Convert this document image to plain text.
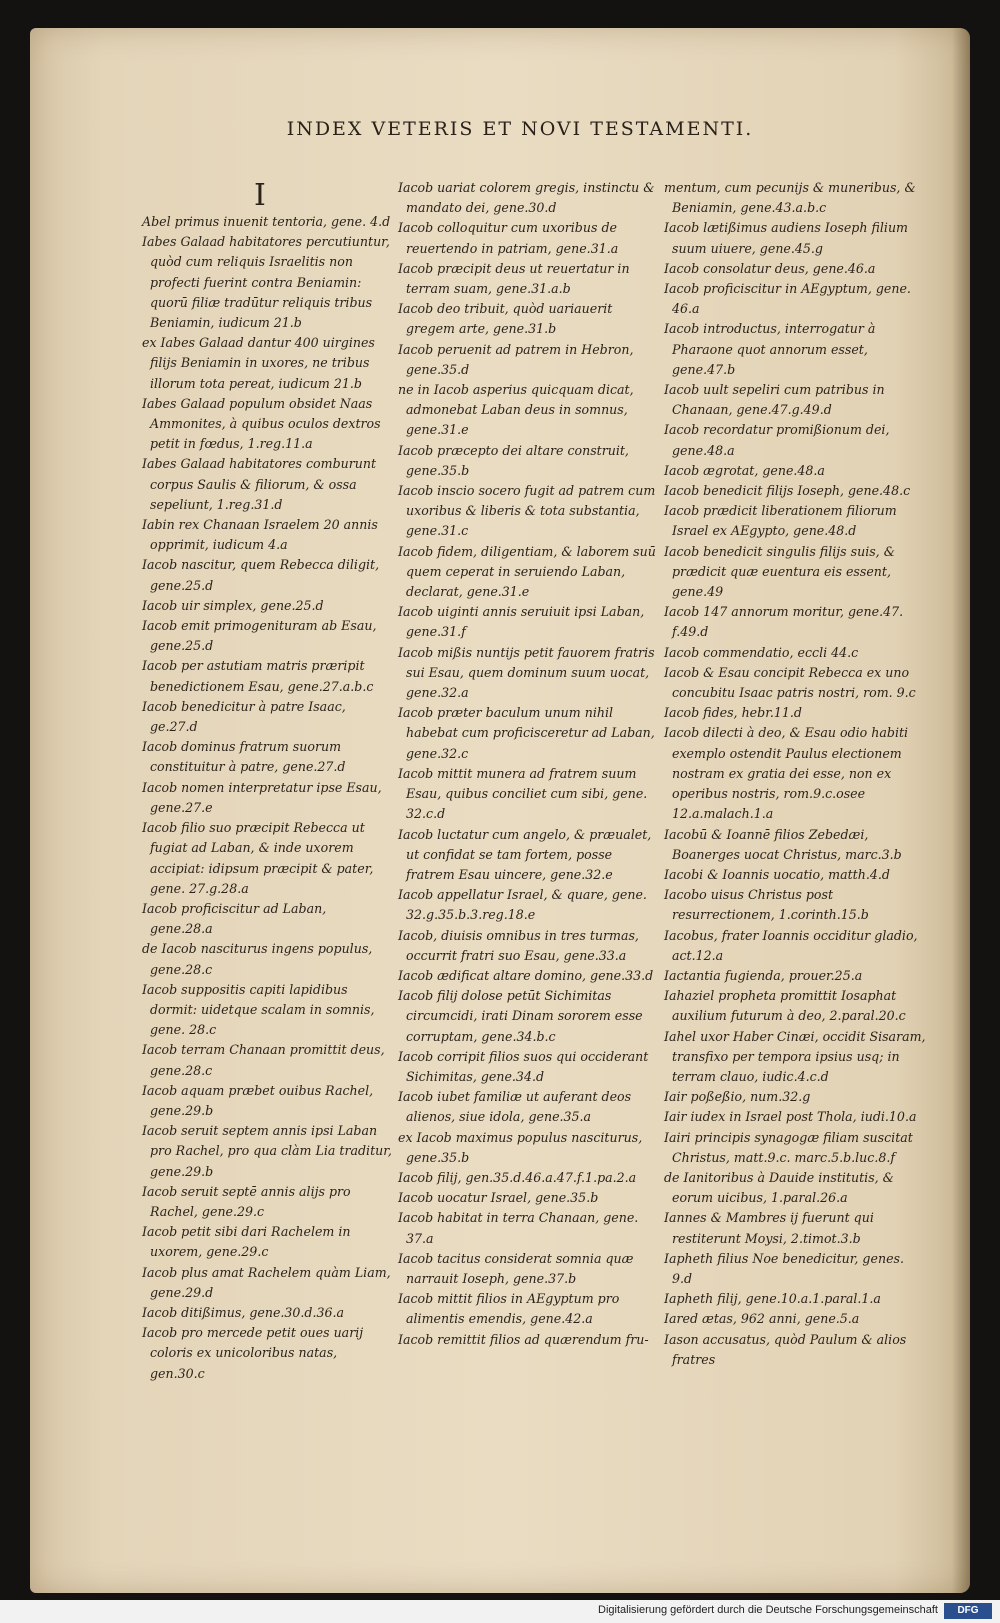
INDEX VETERIS ET NOVI TESTAMENTI.
I

Abel primus inuenit tentoria, gene. 4.d

Iabes Galaad habitatores percutiuntur, quòd cum reliquis Israelitis non profecti fuerint contra Beniamin: quorū filiæ tradūtur reliquis tribus Beniamin, iudicum 21.b

ex Iabes Galaad dantur 400 uirgines filijs Beniamin in uxores, ne tribus illorum tota pereat, iudicum 21.b

Iabes Galaad populum obsidet Naas Ammonites, à quibus oculos dextros petit in fœdus, 1.reg.11.a

Iabes Galaad habitatores comburunt corpus Saulis & filiorum, & ossa sepeliunt, 1.reg.31.d

Iabin rex Chanaan Israelem 20 annis opprimit, iudicum 4.a

Iacob nascitur, quem Rebecca diligit, gene.25.d

Iacob uir simplex, gene.25.d

Iacob emit primogenituram ab Esau, gene.25.d

Iacob per astutiam matris præripit benedictionem Esau, gene.27.a.b.c

Iacob benedicitur à patre Isaac, ge.27.d

Iacob dominus fratrum suorum constituitur à patre, gene.27.d

Iacob nomen interpretatur ipse Esau, gene.27.e

Iacob filio suo præcipit Rebecca ut fugiat ad Laban, & inde uxorem accipiat: idipsum præcipit & pater, gene. 27.g.28.a

Iacob proficiscitur ad Laban, gene.28.a

de Iacob nasciturus ingens populus, gene.28.c

Iacob suppositis capiti lapidibus dormit: uidetque scalam in somnis, gene. 28.c

Iacob terram Chanaan promittit deus, gene.28.c

Iacob aquam præbet ouibus Rachel, gene.29.b

Iacob seruit septem annis ipsi Laban pro Rachel, pro qua clàm Lia traditur, gene.29.b

Iacob seruit septē annis alijs pro Rachel, gene.29.c

Iacob petit sibi dari Rachelem in uxorem, gene.29.c

Iacob plus amat Rachelem quàm Liam, gene.29.d

Iacob ditißimus, gene.30.d.36.a

Iacob pro mercede petit oues uarij coloris ex unicoloribus natas, gen.30.c

Iacob uariat colorem gregis, instinctu & mandato dei, gene.30.d

Iacob colloquitur cum uxoribus de reuertendo in patriam, gene.31.a

Iacob præcipit deus ut reuertatur in terram suam, gene.31.a.b

Iacob deo tribuit, quòd uariauerit gregem arte, gene.31.b

Iacob peruenit ad patrem in Hebron, gene.35.d

ne in Iacob asperius quicquam dicat, admonebat Laban deus in somnus, gene.31.e

Iacob præcepto dei altare construit, gene.35.b

Iacob inscio socero fugit ad patrem cum uxoribus & liberis & tota substantia, gene.31.c

Iacob fidem, diligentiam, & laborem suū quem ceperat in seruiendo Laban, declarat, gene.31.e

Iacob uiginti annis seruiuit ipsi Laban, gene.31.f

Iacob mißis nuntijs petit fauorem fratris sui Esau, quem dominum suum uocat, gene.32.a

Iacob præter baculum unum nihil habebat cum proficisceretur ad Laban, gene.32.c

Iacob mittit munera ad fratrem suum Esau, quibus conciliet cum sibi, gene. 32.c.d

Iacob luctatur cum angelo, & præualet, ut confidat se tam fortem, posse fratrem Esau uincere, gene.32.e

Iacob appellatur Israel, & quare, gene. 32.g.35.b.3.reg.18.e

Iacob, diuisis omnibus in tres turmas, occurrit fratri suo Esau, gene.33.a

Iacob ædificat altare domino, gene.33.d

Iacob filij dolose petūt Sichimitas circumcidi, irati Dinam sororem esse corruptam, gene.34.b.c

Iacob corripit filios suos qui occiderant Sichimitas, gene.34.d

Iacob iubet familiæ ut auferant deos alienos, siue idola, gene.35.a

ex Iacob maximus populus nasciturus, gene.35.b

Iacob filij, gen.35.d.46.a.47.f.1.pa.2.a

Iacob uocatur Israel, gene.35.b

Iacob habitat in terra Chanaan, gene. 37.a

Iacob tacitus considerat somnia quæ narrauit Ioseph, gene.37.b

Iacob mittit filios in AEgyptum pro alimentis emendis, gene.42.a

Iacob remittit filios ad quærendum fru-

mentum, cum pecunijs & muneribus, & Beniamin, gene.43.a.b.c

Iacob lætißimus audiens Ioseph filium suum uiuere, gene.45.g

Iacob consolatur deus, gene.46.a

Iacob proficiscitur in AEgyptum, gene. 46.a

Iacob introductus, interrogatur à Pharaone quot annorum esset, gene.47.b

Iacob uult sepeliri cum patribus in Chanaan, gene.47.g.49.d

Iacob recordatur promißionum dei, gene.48.a

Iacob ægrotat, gene.48.a

Iacob benedicit filijs Ioseph, gene.48.c

Iacob prædicit liberationem filiorum Israel ex AEgypto, gene.48.d

Iacob benedicit singulis filijs suis, & prædicit quæ euentura eis essent, gene.49

Iacob 147 annorum moritur, gene.47. f.49.d

Iacob commendatio, eccli 44.c

Iacob & Esau concipit Rebecca ex uno concubitu Isaac patris nostri, rom. 9.c

Iacob fides, hebr.11.d

Iacob dilecti à deo, & Esau odio habiti exemplo ostendit Paulus electionem nostram ex gratia dei esse, non ex operibus nostris, rom.9.c.osee 12.a.malach.1.a

Iacobū & Ioannē filios Zebedæi, Boanerges uocat Christus, marc.3.b

Iacobi & Ioannis uocatio, matth.4.d

Iacobo uisus Christus post resurrectionem, 1.corinth.15.b

Iacobus, frater Ioannis occiditur gladio, act.12.a

Iactantia fugienda, prouer.25.a

Iahaziel propheta promittit Iosaphat auxilium futurum à deo, 2.paral.20.c

Iahel uxor Haber Cinæi, occidit Sisaram, transfixo per tempora ipsius usq; in terram clauo, iudic.4.c.d

Iair poßeßio, num.32.g

Iair iudex in Israel post Thola, iudi.10.a

Iairi principis synagogæ filiam suscitat Christus, matt.9.c. marc.5.b.luc.8.f

de Ianitoribus à Dauide institutis, & eorum uicibus, 1.paral.26.a

Iannes & Mambres ij fuerunt qui restiterunt Moysi, 2.timot.3.b

Iapheth filius Noe benedicitur, genes. 9.d

Iapheth filij, gene.10.a.1.paral.1.a

Iared ætas, 962 anni, gene.5.a

Iason accusatus, quòd Paulum & alios fratres

Digitalisierung gefördert durch die Deutsche Forschungsgemeinschaft	DFG
